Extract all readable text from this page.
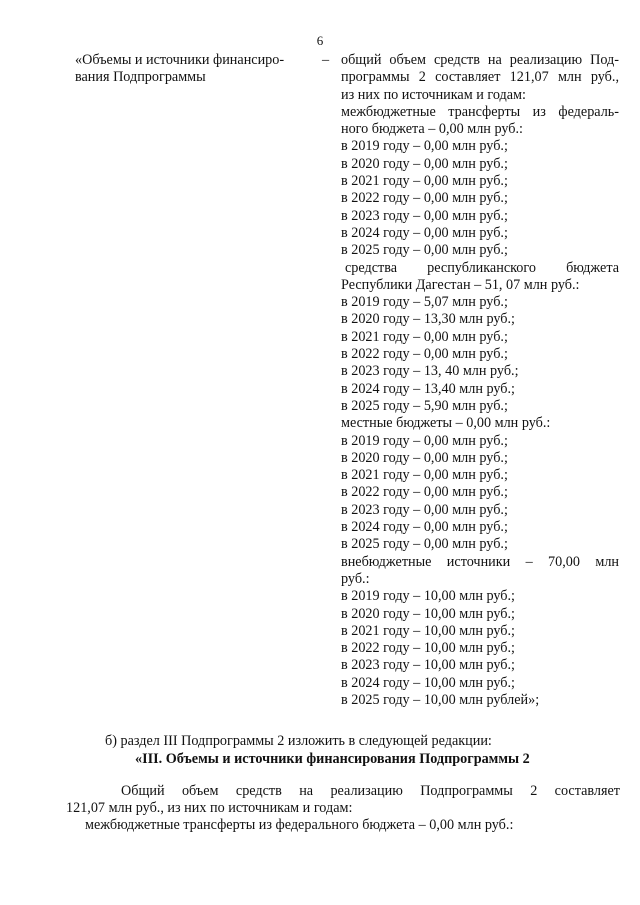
6
«Объемы и источники финансиро-
вания Подпрограммы
– общий объем средств на реализацию Под-
программы 2 составляет 121,07 млн руб.,
из них по источникам и годам:
межбюджетные трансферты из федераль-
ного бюджета – 0,00 млн руб.:
в 2019 году – 0,00 млн руб.;
в 2020 году – 0,00 млн руб.;
в 2021 году – 0,00 млн руб.;
в 2022 году – 0,00 млн руб.;
в 2023 году – 0,00 млн руб.;
в 2024 году – 0,00 млн руб.;
в 2025 году – 0,00 млн руб.;
средства республиканского бюджета
Республики Дагестан – 51, 07 млн руб.:
в 2019 году – 5,07 млн руб.;
в 2020 году – 13,30 млн руб.;
в 2021 году – 0,00 млн руб.;
в 2022 году – 0,00 млн руб.;
в 2023 году – 13, 40 млн руб.;
в 2024 году – 13,40 млн руб.;
в 2025 году – 5,90 млн руб.;
местные бюджеты – 0,00 млн руб.:
в 2019 году – 0,00 млн руб.;
в 2020 году – 0,00 млн руб.;
в 2021 году – 0,00 млн руб.;
в 2022 году – 0,00 млн руб.;
в 2023 году – 0,00 млн руб.;
в 2024 году – 0,00 млн руб.;
в 2025 году – 0,00 млн руб.;
внебюджетные источники – 70,00 млн
руб.:
в 2019 году – 10,00 млн руб.;
в 2020 году – 10,00 млн руб.;
в 2021 году – 10,00 млн руб.;
в 2022 году – 10,00 млн руб.;
в 2023 году – 10,00 млн руб.;
в 2024 году – 10,00 млн руб.;
в 2025 году – 10,00 млн рублей»;
б) раздел III Подпрограммы 2 изложить в следующей редакции:
«III. Объемы и источники финансирования Подпрограммы 2
Общий объем средств на реализацию Подпрограммы 2 составляет
121,07 млн руб., из них по источникам и годам:
межбюджетные трансферты из федерального бюджета – 0,00 млн руб.:
